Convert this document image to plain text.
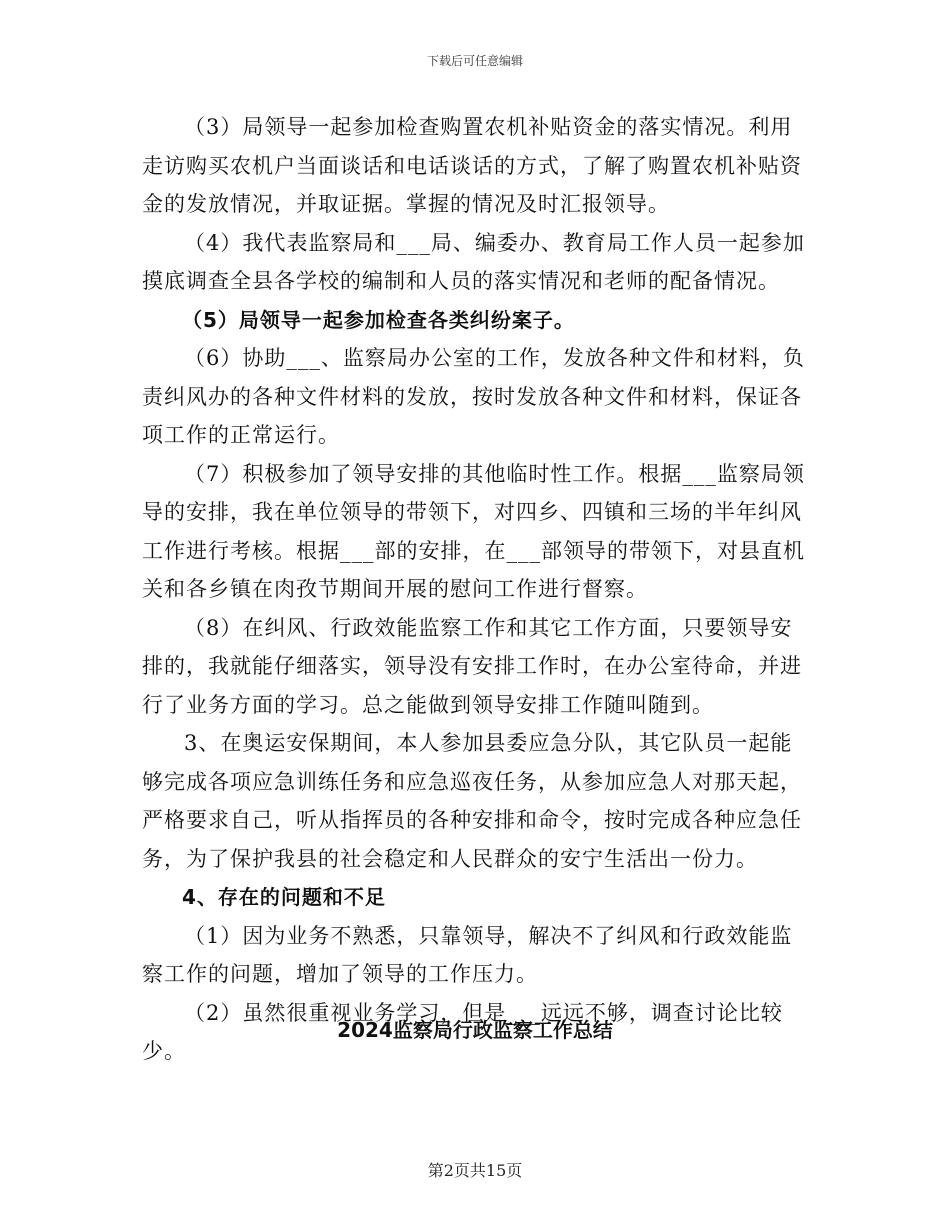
下载后可任意编辑

（3）局领导一起参加检查购置农机补贴资金的落实情况。利用走访购买农机户当面谈话和电话谈话的方式，了解了购置农机补贴资金的发放情况，并取证据。掌握的情况及时汇报领导。

（4）我代表监察局和___局、编委办、教育局工作人员一起参加摸底调查全县各学校的编制和人员的落实情况和老师的配备情况。

（5）局领导一起参加检查各类纠纷案子。

（6）协助___、监察局办公室的工作，发放各种文件和材料，负责纠风办的各种文件材料的发放，按时发放各种文件和材料，保证各项工作的正常运行。

（7）积极参加了领导安排的其他临时性工作。根据___监察局领导的安排，我在单位领导的带领下，对四乡、四镇和三场的半年纠风工作进行考核。根据___部的安排，在___部领导的带领下，对县直机关和各乡镇在肉孜节期间开展的慰问工作进行督察。

（8）在纠风、行政效能监察工作和其它工作方面，只要领导安排的，我就能仔细落实，领导没有安排工作时，在办公室待命，并进行了业务方面的学习。总之能做到领导安排工作随叫随到。

3、在奥运安保期间，本人参加县委应急分队，其它队员一起能够完成各项应急训练任务和应急巡夜任务，从参加应急人对那天起，严格要求自己，听从指挥员的各种安排和命令，按时完成各种应急任务，为了保护我县的社会稳定和人民群众的安宁生活出一份力。

4、存在的问题和不足

（1）因为业务不熟悉，只靠领导，解决不了纠风和行政效能监察工作的问题，增加了领导的工作压力。

（2）虽然很重视业务学习，但是___远远不够，调查讨论比较少。

2024监察局行政监察工作总结
第2页共15页
